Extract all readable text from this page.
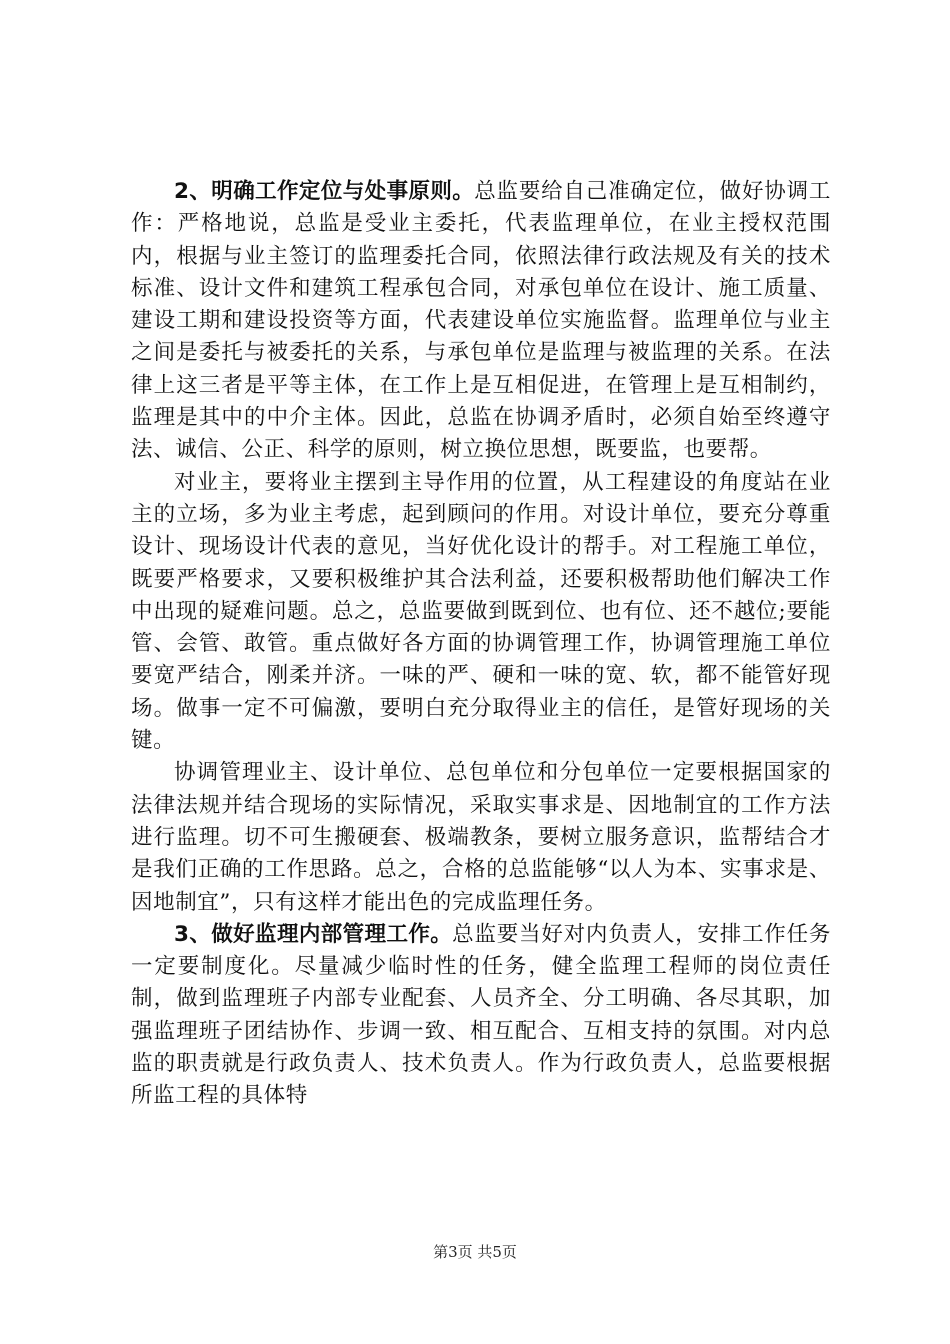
2、明确工作定位与处事原则。总监要给自己准确定位，做好协调工作：严格地说，总监是受业主委托，代表监理单位，在业主授权范围内，根据与业主签订的监理委托合同，依照法律行政法规及有关的技术标准、设计文件和建筑工程承包合同，对承包单位在设计、施工质量、建设工期和建设投资等方面，代表建设单位实施监督。监理单位与业主之间是委托与被委托的关系，与承包单位是监理与被监理的关系。在法律上这三者是平等主体，在工作上是互相促进，在管理上是互相制约，监理是其中的中介主体。因此，总监在协调矛盾时，必须自始至终遵守法、诚信、公正、科学的原则，树立换位思想，既要监，也要帮。

对业主，要将业主摆到主导作用的位置，从工程建设的角度站在业主的立场，多为业主考虑，起到顾问的作用。对设计单位，要充分尊重设计、现场设计代表的意见，当好优化设计的帮手。对工程施工单位，既要严格要求，又要积极维护其合法利益，还要积极帮助他们解决工作中出现的疑难问题。总之，总监要做到既到位、也有位、还不越位;要能管、会管、敢管。重点做好各方面的协调管理工作，协调管理施工单位要宽严结合，刚柔并济。一味的严、硬和一味的宽、软，都不能管好现场。做事一定不可偏激，要明白充分取得业主的信任，是管好现场的关键。

协调管理业主、设计单位、总包单位和分包单位一定要根据国家的法律法规并结合现场的实际情况，采取实事求是、因地制宜的工作方法进行监理。切不可生搬硬套、极端教条，要树立服务意识，监帮结合才是我们正确的工作思路。总之，合格的总监能够“以人为本、实事求是、因地制宜”，只有这样才能出色的完成监理任务。

3、做好监理内部管理工作。总监要当好对内负责人，安排工作任务一定要制度化。尽量减少临时性的任务，健全监理工程师的岗位责任制，做到监理班子内部专业配套、人员齐全、分工明确、各尽其职，加强监理班子团结协作、步调一致、相互配合、互相支持的氛围。对内总监的职责就是行政负责人、技术负责人。作为行政负责人，总监要根据所监工程的具体特

第3页 共5页
